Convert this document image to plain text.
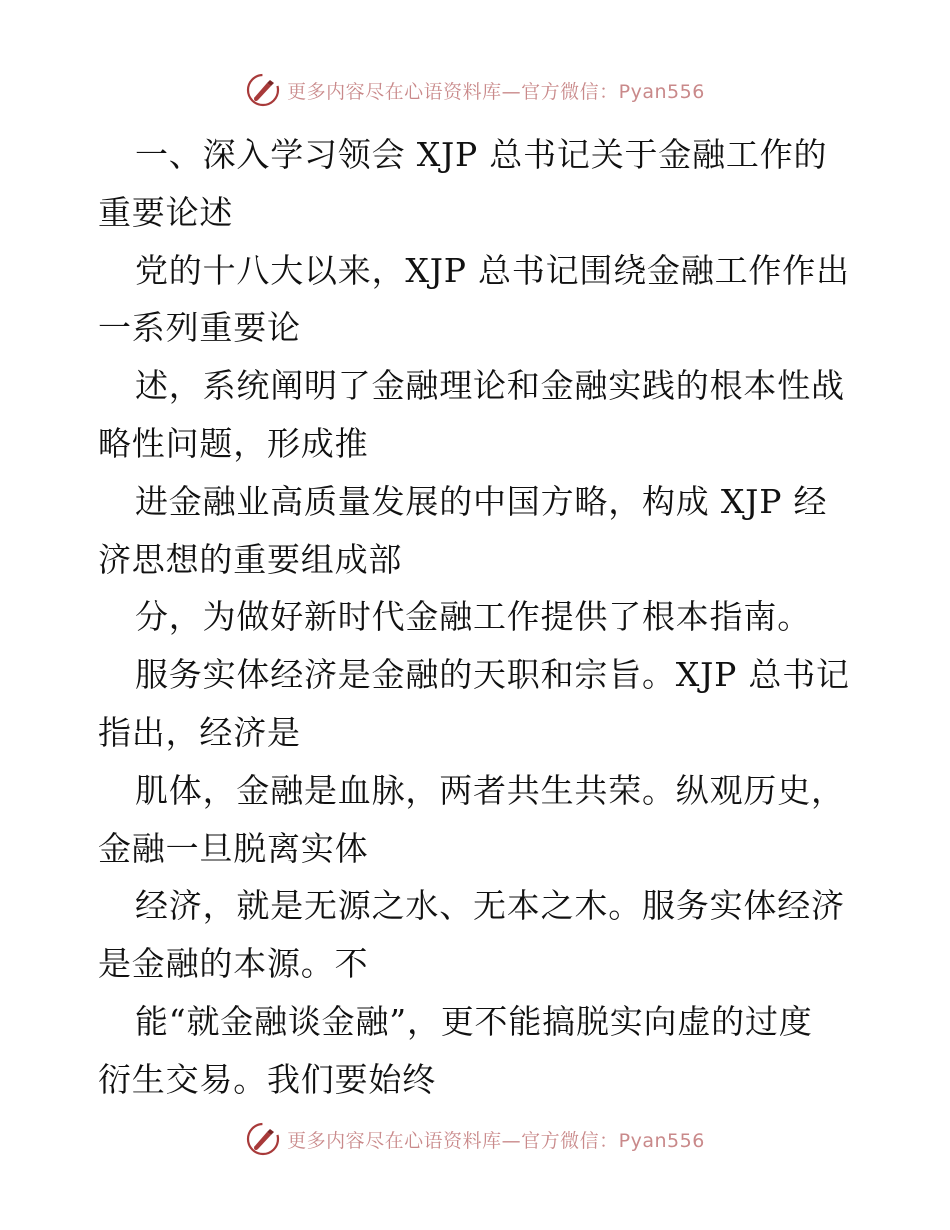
更多内容尽在心语资料库—官方微信：Pyan556
一、深入学习领会 XJP 总书记关于金融工作的
重要论述
党的十八大以来，XJP 总书记围绕金融工作作出
一系列重要论
述，系统阐明了金融理论和金融实践的根本性战
略性问题，形成推
进金融业高质量发展的中国方略，构成 XJP 经
济思想的重要组成部
分，为做好新时代金融工作提供了根本指南。
服务实体经济是金融的天职和宗旨。XJP 总书记
指出，经济是
肌体，金融是血脉，两者共生共荣。纵观历史，
金融一旦脱离实体
经济，就是无源之水、无本之木。服务实体经济
是金融的本源。不
能“就金融谈金融”，更不能搞脱实向虚的过度
衍生交易。我们要始终
更多内容尽在心语资料库—官方微信：Pyan556
